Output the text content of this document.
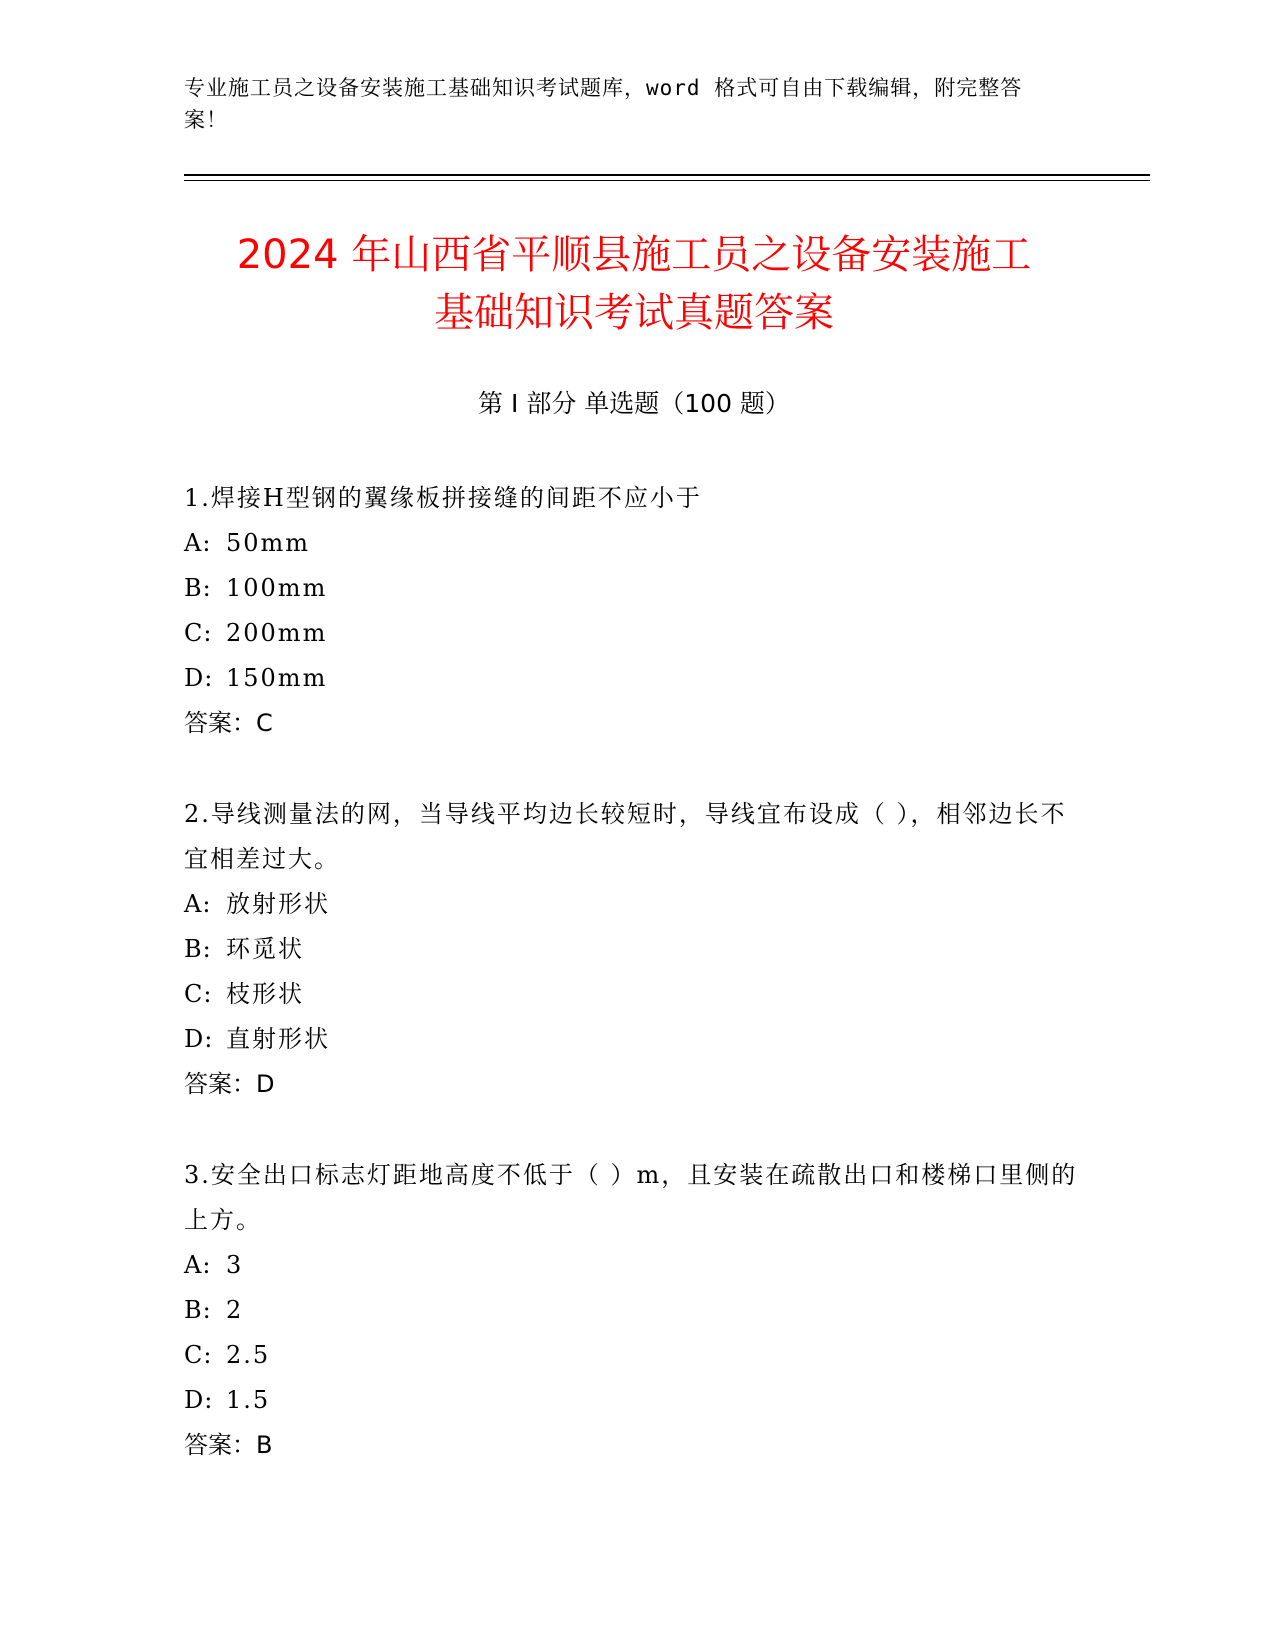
专业施工员之设备安装施工基础知识考试题库，word 格式可自由下载编辑，附完整答案！
2024 年山西省平顺县施工员之设备安装施工
基础知识考试真题答案
第 I 部分 单选题（100 题）

1.焊接H型钢的翼缘板拼接缝的间距不应小于

A: 50mm
B: 100mm
C: 200mm
D: 150mm
答案： C

2.导线测量法的网，当导线平均边长较短时，导线宜布设成（ ），相邻边长不宜相差过大。

A: 放射形状
B: 环觅状
C: 枝形状
D: 直射形状
答案： D

3.安全出口标志灯距地高度不低于（ ）m，且安装在疏散出口和楼梯口里侧的上方。

A: 3
B: 2
C: 2.5
D: 1.5
答案： B
